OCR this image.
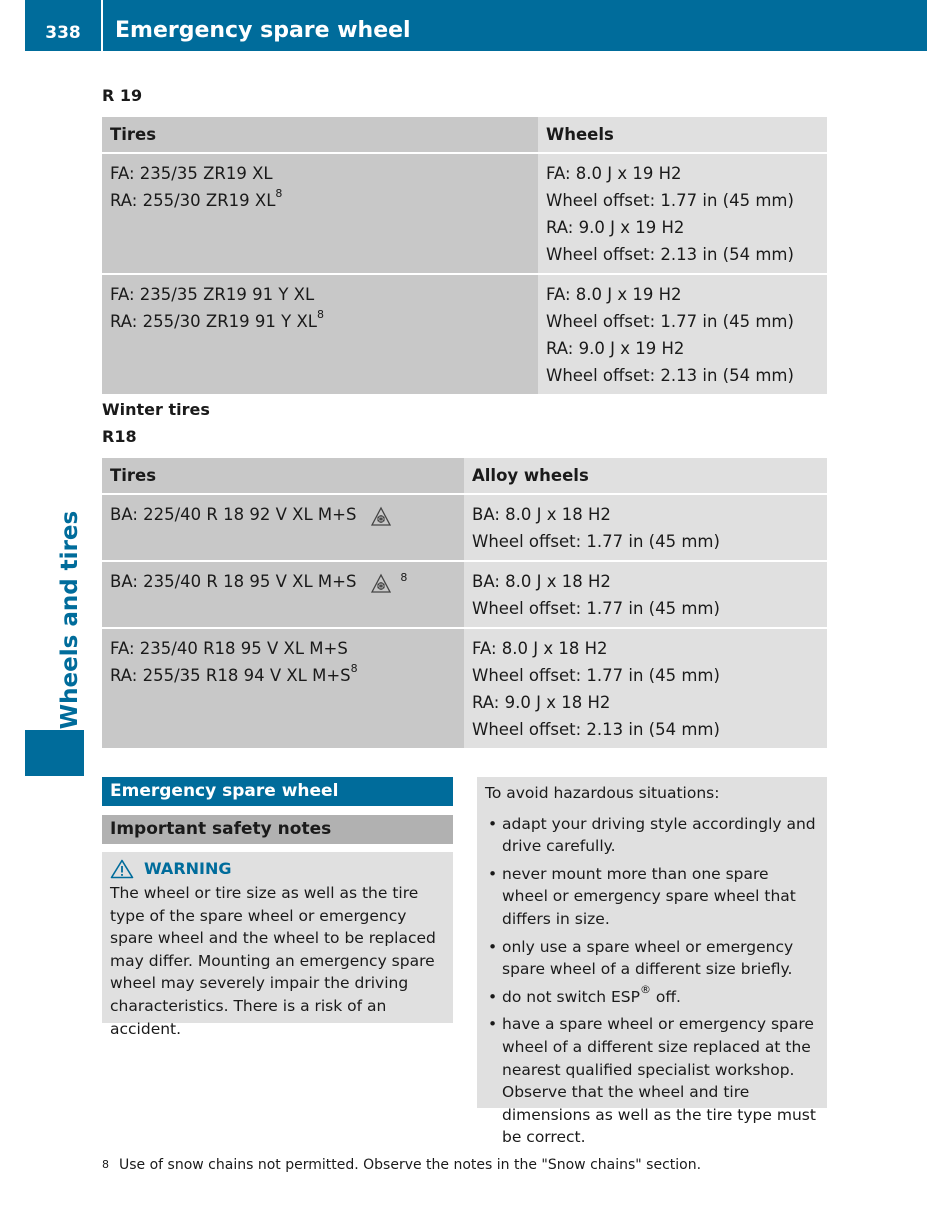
338	Emergency spare wheel
Wheels and tires
R 19
Tires	Wheels

FA: 235/35 ZR19 XL
RA: 255/30 ZR19 $XL^8$	FA: 8.0 J x 19 H2
Wheel offset: 1.77 in (45 mm)
RA: 9.0 J x 19 H2
Wheel offset: 2.13 in (54 mm)

FA: 235/35 ZR19 91 Y XL
RA: 255/30 ZR19 91 Y $XL^8$	FA: 8.0 J x 19 H2
Wheel offset: 1.77 in (45 mm)
RA: 9.0 J x 19 H2
Wheel offset: 2.13 in (54 mm)
Winter tires
R18
Tires	Alloy wheels

BA: 225/40 R 18 92 V XL M+S	BA: 8.0 J x 18 H2
Wheel offset: 1.77 in (45 mm)

BA: 235/40 R 18 95 V XL M+S 8	BA: 8.0 J x 18 H2
Wheel offset: 1.77 in (45 mm)

FA: 235/40 R18 95 V XL M+S
RA: 255/35 R18 94 V XL $M+S^8$	FA: 8.0 J x 18 H2
Wheel offset: 1.77 in (45 mm)
RA: 9.0 J x 18 H2
Wheel offset: 2.13 in (54 mm)
Emergency spare wheel
Important safety notes
WARNING
The wheel or tire size as well as the tire type of the spare wheel or emergency spare wheel and the wheel to be replaced may differ. Mounting an emergency spare wheel may severely impair the driving characteristics. There is a risk of an accident.
To avoid hazardous situations:
• adapt your driving style accordingly and drive carefully.
• never mount more than one spare wheel or emergency spare wheel that differs in size.
• only use a spare wheel or emergency spare wheel of a different size briefly.
• do not switch ESP® off.
• have a spare wheel or emergency spare wheel of a different size replaced at the nearest qualified specialist workshop. Observe that the wheel and tire dimensions as well as the tire type must be correct.
8 Use of snow chains not permitted. Observe the notes in the "Snow chains" section.
